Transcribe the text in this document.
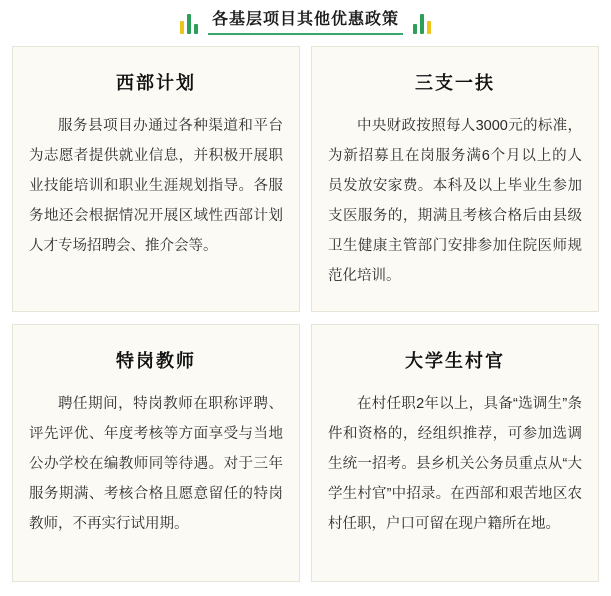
各基层项目其他优惠政策
西部计划

服务县项目办通过各种渠道和平台为志愿者提供就业信息，并积极开展职业技能培训和职业生涯规划指导。各服务地还会根据情况开展区域性西部计划人才专场招聘会、推介会等。

三支一扶

中央财政按照每人3000元的标准，为新招募且在岗服务满6个月以上的人员发放安家费。本科及以上毕业生参加支医服务的，期满且考核合格后由县级卫生健康主管部门安排参加住院医师规范化培训。

特岗教师

聘任期间，特岗教师在职称评聘、评先评优、年度考核等方面享受与当地公办学校在编教师同等待遇。对于三年服务期满、考核合格且愿意留任的特岗教师，不再实行试用期。

大学生村官

在村任职2年以上，具备“选调生”条件和资格的，经组织推荐，可参加选调生统一招考。县乡机关公务员重点从“大学生村官”中招录。在西部和艰苦地区农村任职，户口可留在现户籍所在地。
